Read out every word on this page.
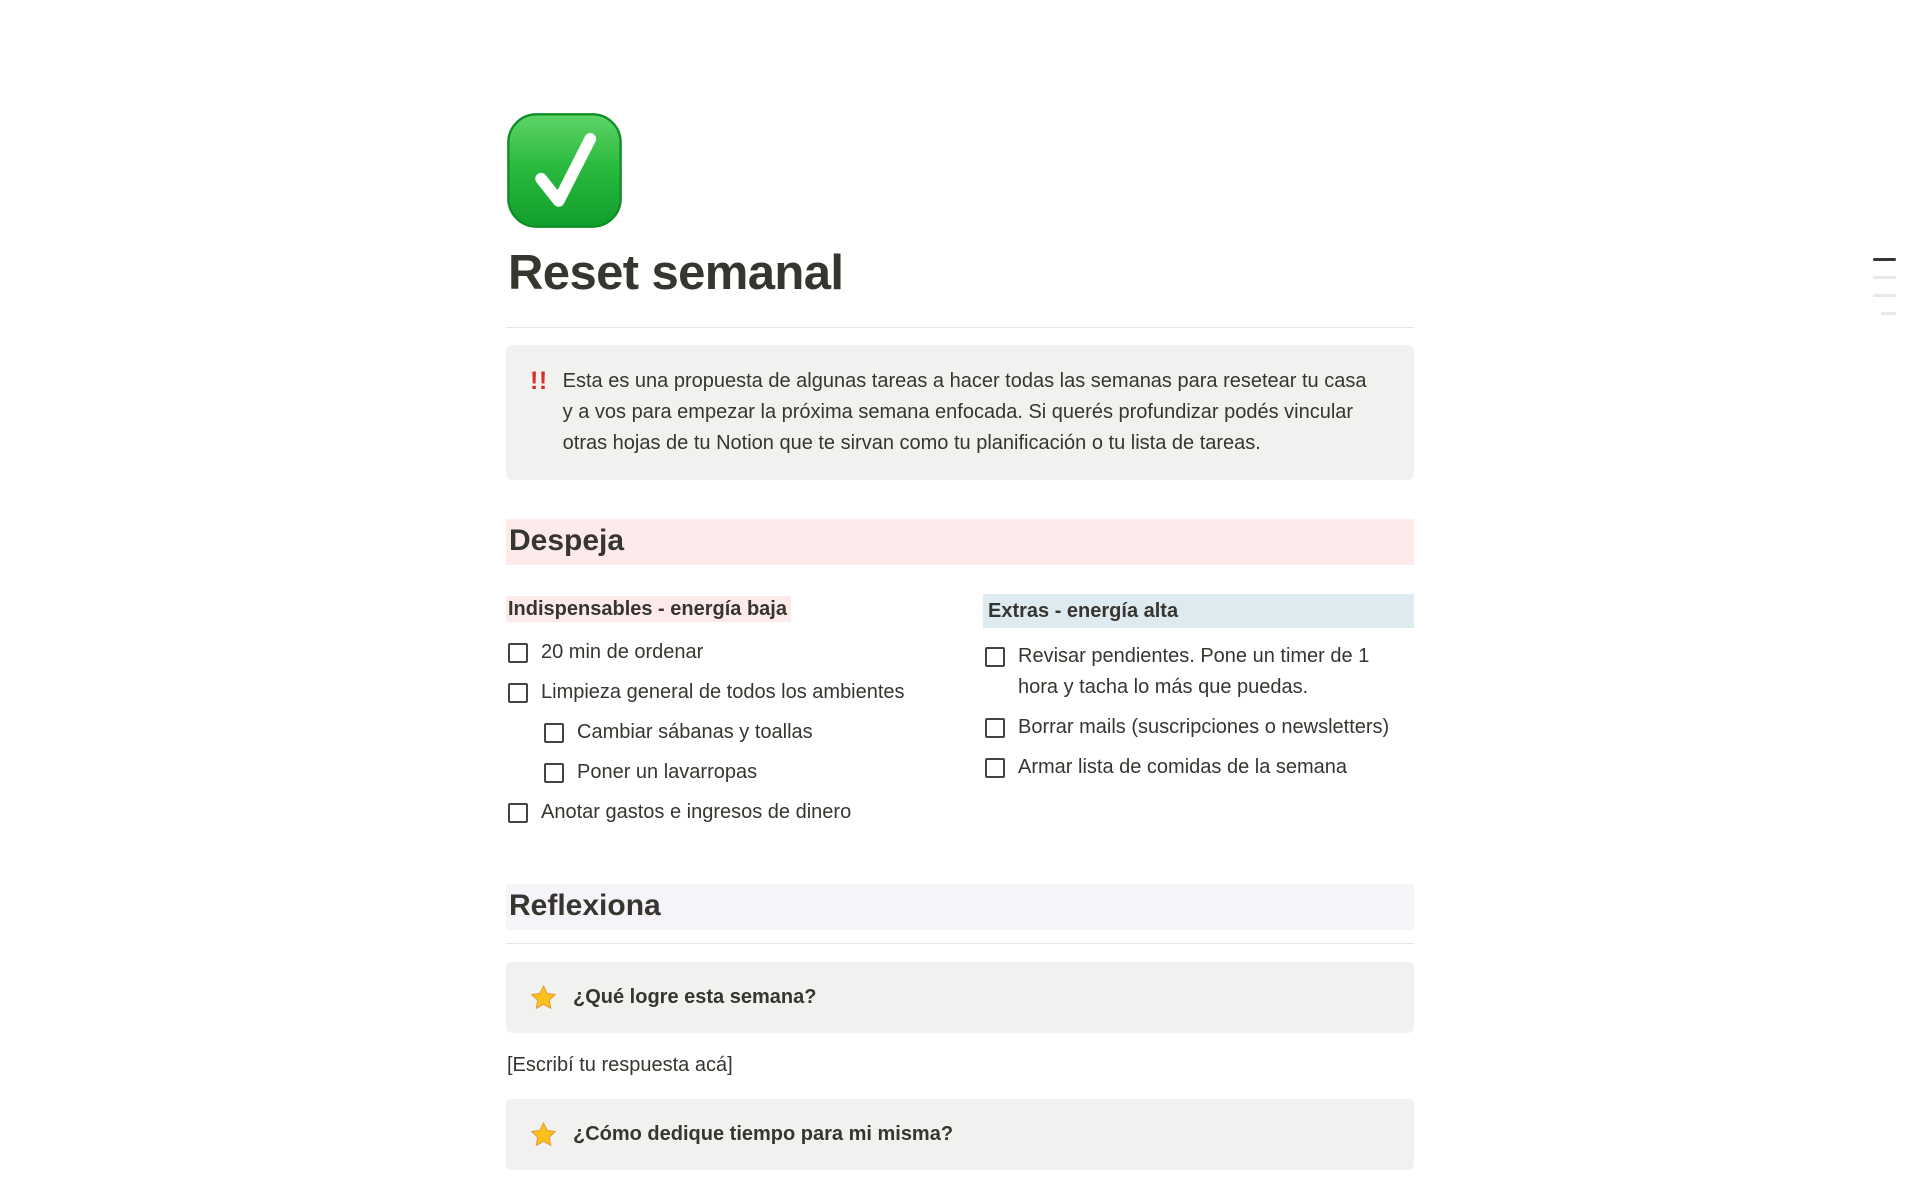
Reset semanal
!! Esta es una propuesta de algunas tareas a hacer todas las semanas para resetear tu casa y a vos para empezar la próxima semana enfocada. Si querés profundizar podés vincular otras hojas de tu Notion que te sirvan como tu planificación o tu lista de tareas.

Despeja
Indispensables - energía baja
20 min de ordenar
Limpieza general de todos los ambientes
Cambiar sábanas y toallas
Poner un lavarropas
Anotar gastos e ingresos de dinero
Extras - energía alta
Revisar pendientes. Pone un timer de 1 hora y tacha lo más que puedas.
Borrar mails (suscripciones o newsletters)
Armar lista de comidas de la semana
Reflexiona
¿Qué logre esta semana?

[Escribí tu respuesta acá]

¿Cómo dedique tiempo para mi misma?
